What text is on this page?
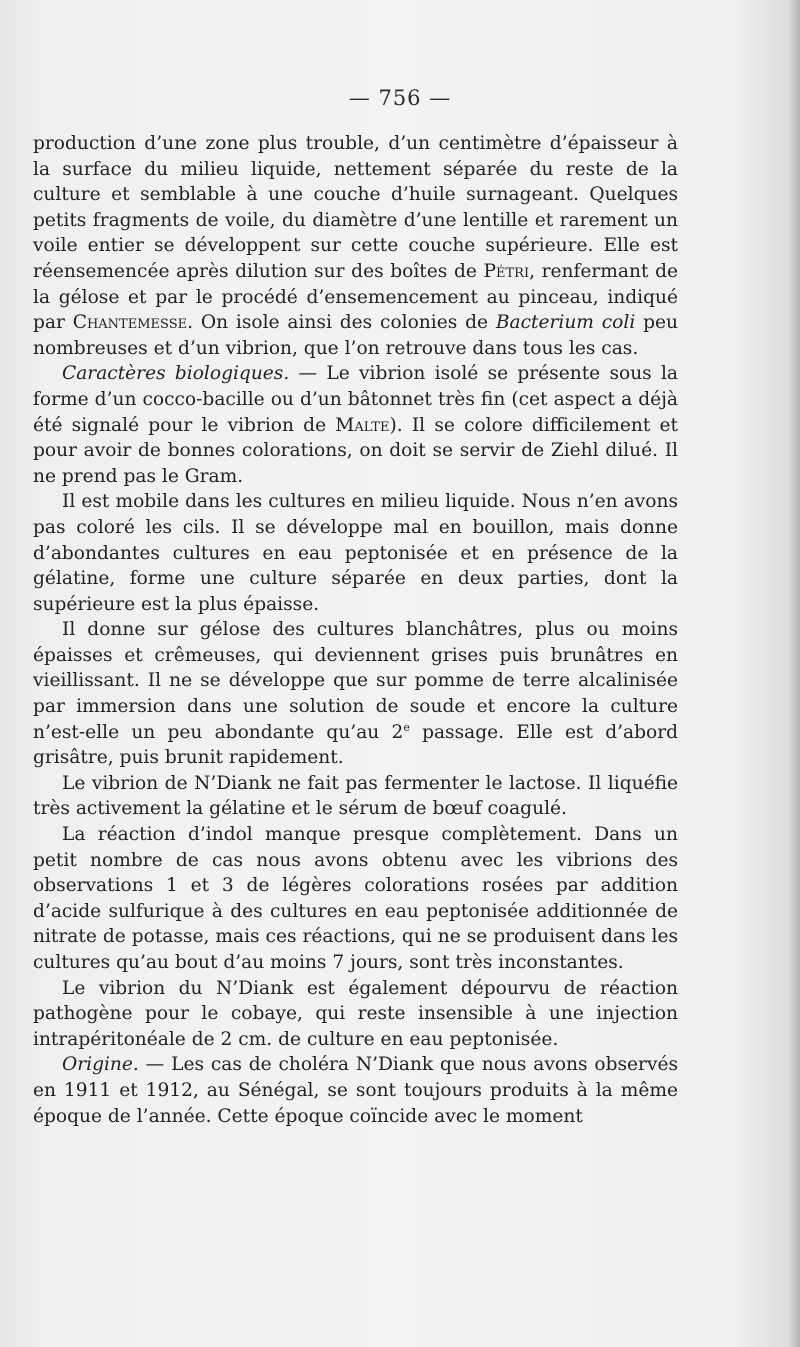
— 756 —

production d’une zone plus trouble, d’un centimètre d’épaisseur à la surface du milieu liquide, nettement séparée du reste de la culture et semblable à une couche d’huile surnageant. Quelques petits fragments de voile, du diamètre d’une lentille et rarement un voile entier se développent sur cette couche supérieure. Elle est réensemencée après dilution sur des boîtes de Pétri, renfermant de la gélose et par le procédé d’ensemencement au pinceau, indiqué par Chantemesse. On isole ainsi des colonies de Bacterium coli peu nombreuses et d’un vibrion, que l’on retrouve dans tous les cas.

Caractères biologiques. — Le vibrion isolé se présente sous la forme d’un cocco-bacille ou d’un bâtonnet très fin (cet aspect a déjà été signalé pour le vibrion de Malte). Il se colore difficilement et pour avoir de bonnes colorations, on doit se servir de Ziehl dilué. Il ne prend pas le Gram.

Il est mobile dans les cultures en milieu liquide. Nous n’en avons pas coloré les cils. Il se développe mal en bouillon, mais donne d’abondantes cultures en eau peptonisée et en présence de la gélatine, forme une culture séparée en deux parties, dont la supérieure est la plus épaisse.

Il donne sur gélose des cultures blanchâtres, plus ou moins épaisses et crêmeuses, qui deviennent grises puis brunâtres en vieillissant. Il ne se développe que sur pomme de terre alcalinisée par immersion dans une solution de soude et encore la culture n’est-elle un peu abondante qu’au 2e passage. Elle est d’abord grisâtre, puis brunit rapidement.

Le vibrion de N’Diank ne fait pas fermenter le lactose. Il liquéfie très activement la gélatine et le sérum de bœuf coagulé.

La réaction d’indol manque presque complètement. Dans un petit nombre de cas nous avons obtenu avec les vibrions des observations 1 et 3 de légères colorations rosées par addition d’acide sulfurique à des cultures en eau peptonisée additionnée de nitrate de potasse, mais ces réactions, qui ne se produisent dans les cultures qu’au bout d’au moins 7 jours, sont très inconstantes.

Le vibrion du N’Diank est également dépourvu de réaction pathogène pour le cobaye, qui reste insensible à une injection intrapéritonéale de 2 cm. de culture en eau peptonisée.

Origine. — Les cas de choléra N’Diank que nous avons observés en 1911 et 1912, au Sénégal, se sont toujours produits à la même époque de l’année. Cette époque coïncide avec le moment
